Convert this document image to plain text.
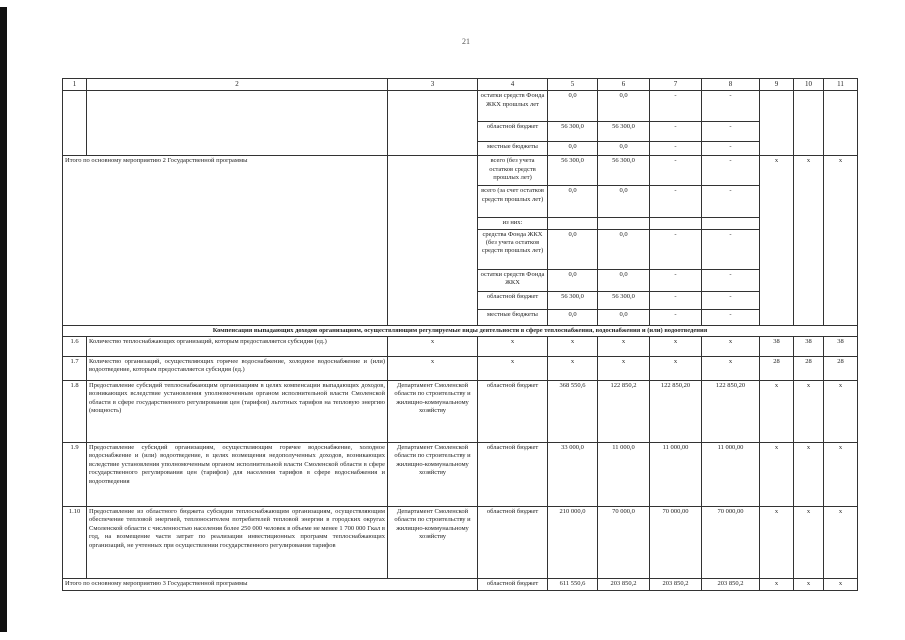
21
1	2	3	4	5	6	7	8	9	10	11
			остатки средств Фонда ЖКХ прошлых лет	0,0	0,0	-	-			
			областной бюджет	56 300,0	56 300,0	-	-			
			местные бюджеты	0,0	0,0	-	-			
Итого по основному мероприятию 2 Государственной программы			всего (без учета остатков средств прошлых лет)	56 300,0	56 300,0	-	-	x	x	x
			всего (за счет остатков средств прошлых лет)	0,0	0,0	-	-			
			из них:							
			средства Фонда ЖКХ (без учета остатков средств прошлых лет)	0,0	0,0	-	-			
			остатки средств Фонда ЖКХ	0,0	0,0	-	-			
			областной бюджет	56 300,0	56 300,0	-	-			
			местные бюджеты	0,0	0,0	-	-			
Компенсация выпадающих доходов организациям, осуществляющим регулируемые виды деятельности в сфере теплоснабжения, водоснабжения и (или) водоотведения										
1.6	Количество теплоснабжающих организаций, которым предоставляется субсидия (ед.)	x	x	x	x	x	x	38	38	38
1.7	Количество организаций, осуществляющих горячее водоснабжение, холодное водоснабжение и (или) водоотведение, которым предоставляется субсидия (ед.)	x	x	x	x	x	x	28	28	28
1.8	Предоставление субсидий теплоснабжающим организациям в целях компенсации выпадающих доходов, возникающих вследствие установления уполномоченным органом исполнительной власти Смоленской области в сфере государственного регулирования цен (тарифов) льготных тарифов на тепловую энергию (мощность)	Департамент Смоленской области по строительству и жилищно-коммунальному хозяйству	областной бюджет	368 550,6	122 850,2	122 850,20	122 850,20	x	x	x
1.9	Предоставление субсидий организациям, осуществляющим горячее водоснабжение, холодное водоснабжение и (или) водоотведение, в целях возмещения недополученных доходов, возникающих вследствие установления уполномоченным органом исполнительной власти Смоленской области в сфере государственного регулирования цен (тарифов) для населения тарифов в сфере водоснабжения и водоотведения	Департамент Смоленской области по строительству и жилищно-коммунальному хозяйству	областной бюджет	33 000,0	11 000,0	11 000,00	11 000,00	x	x	x
1.10	Предоставление из областного бюджета субсидии теплоснабжающим организациям, осуществляющим обеспечение тепловой энергией, теплоносителем потребителей тепловой энергии в городских округах Смоленской области с численностью населения более 250 000 человек в объеме не менее 1 700 000 Гкал в год, на возмещение части затрат по реализации инвестиционных программ теплоснабжающих организаций, не учтенных при осуществлении государственного регулирования тарифов	Департамент Смоленской области по строительству и жилищно-коммунальному хозяйству	областной бюджет	210 000,0	70 000,0	70 000,00	70 000,00	x	x	x
Итого по основному мероприятию 3 Государственной программы			областной бюджет	611 550,6	203 850,2	203 850,2	203 850,2	x	x	x
